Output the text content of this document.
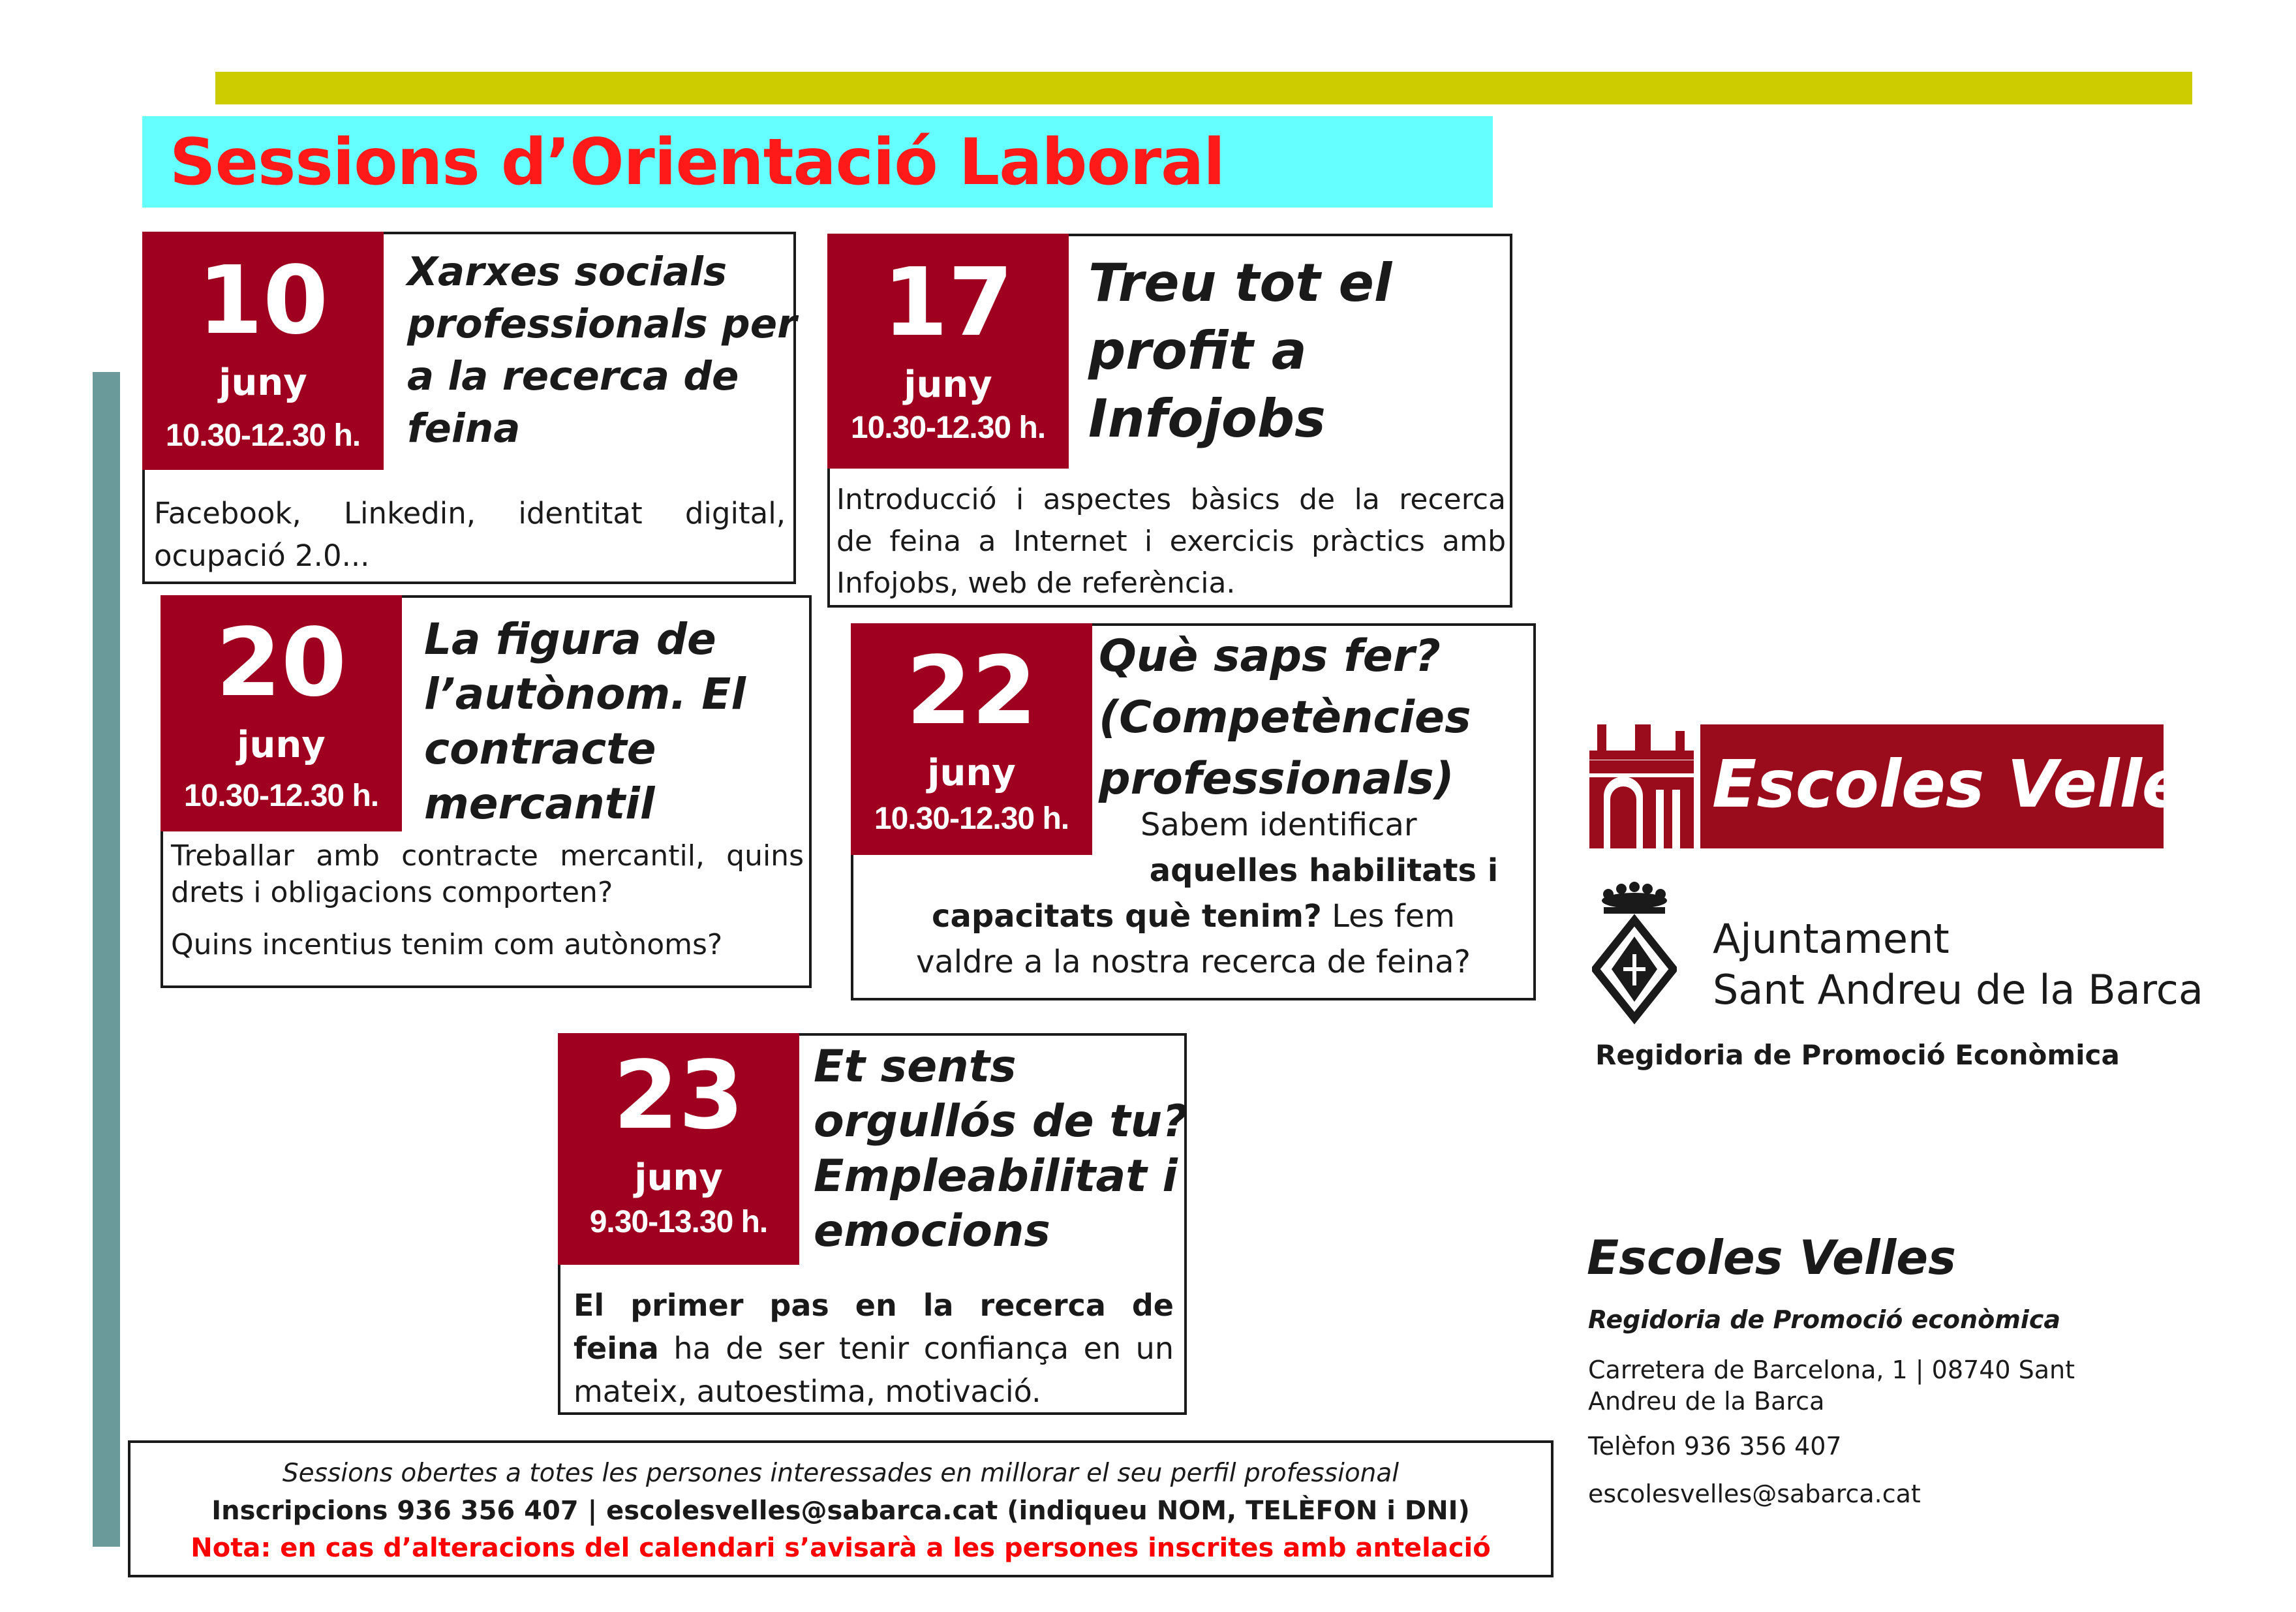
Sessions d’Orientació Laboral
10
juny
10.30-12.30 h.
Xarxes socials
professionals per
a la recerca de
feina

Facebook, Linkedin, identitat digital,

ocupació 2.0...

17
juny
10.30-12.30 h.
Treu tot el
profit a
Infojobs

Introducció i aspectes bàsics de la recerca

de feina a Internet i exercicis pràctics amb

Infojobs, web de referència.

20
juny
10.30-12.30 h.
La figura de
l’autònom. El
contracte
mercantil

Treballar amb contracte mercantil, quins

drets i obligacions comporten?

Quins incentius tenim com autònoms?

22
juny
10.30-12.30 h.
Què saps fer?
(Competències
professionals)

Sabem identificar

aquelles habilitats i

capacitats què tenim? Les fem

valdre a la nostra recerca de feina?

23
juny
9.30-13.30 h.
Et sents
orgullós de tu?
Empleabilitat i
emocions

El primer pas en la recerca de

feina ha de ser tenir confiança en un

mateix, autoestima, motivació.

Sessions obertes a totes les persones interessades en millorar el seu perfil professional
Inscripcions 936 356 407 | escolesvelles@sabarca.cat (indiqueu NOM, TELÈFON i DNI)
Nota: en cas d’alteracions del calendari s’avisarà a les persones inscrites amb antelació
Escoles Velles
Ajuntament
Sant Andreu de la Barca
Regidoria de Promoció Econòmica
Escoles Velles
Regidoria de Promoció econòmica
Carretera de Barcelona, 1 | 08740 Sant
Andreu de la Barca
Telèfon 936 356 407
escolesvelles@sabarca.cat
